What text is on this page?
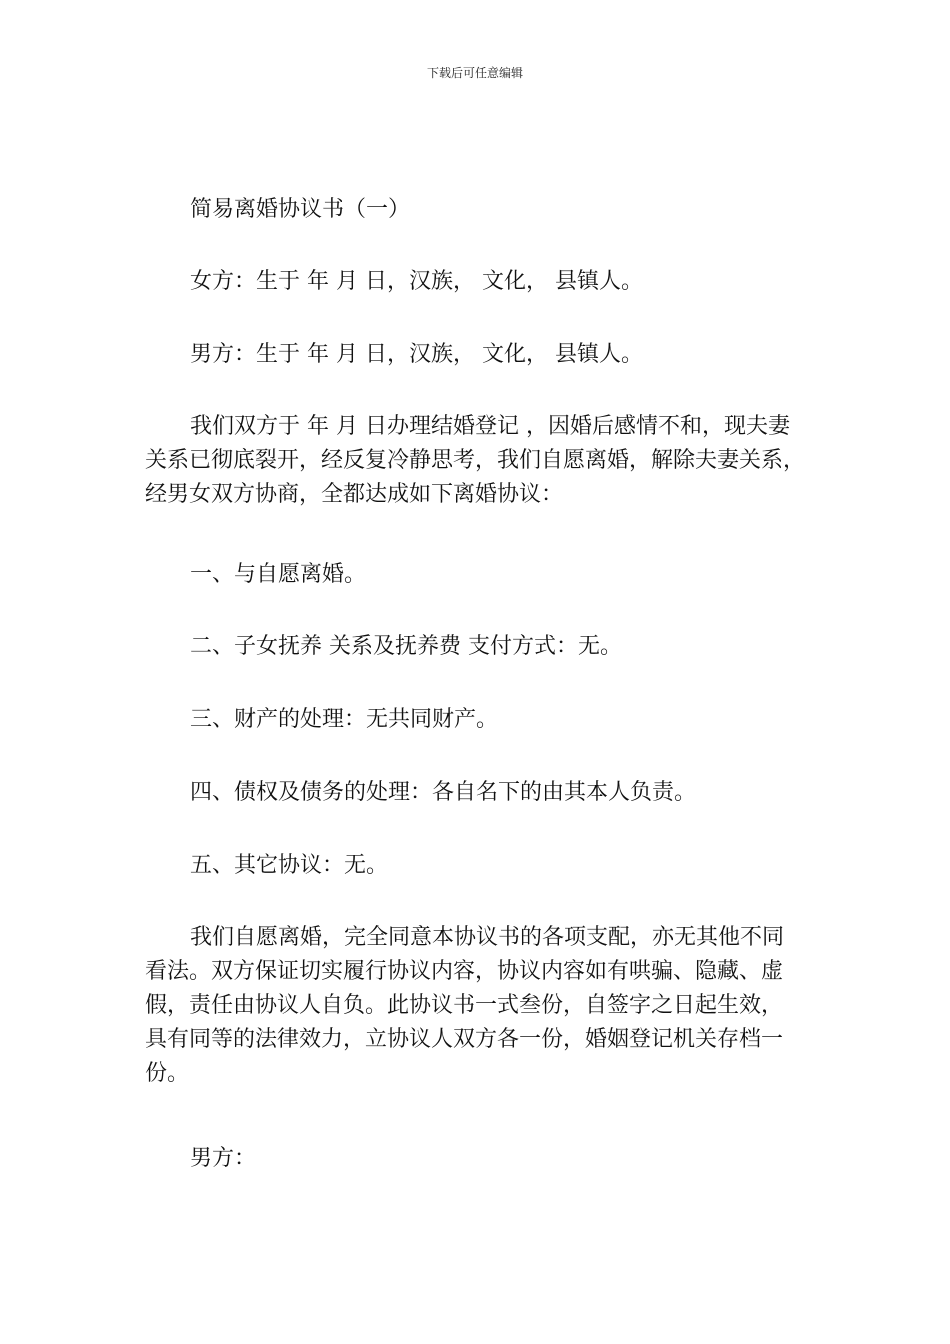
下载后可任意编辑

简易离婚协议书（一）

女方：生于 年 月 日，汉族， 文化， 县镇人。

男方：生于 年 月 日，汉族， 文化， 县镇人。

我们双方于 年 月 日办理结婚登记 ，因婚后感情不和，现夫妻
关系已彻底裂开，经反复冷静思考，我们自愿离婚，解除夫妻关系，
经男女双方协商，全都达成如下离婚协议：

一、与自愿离婚。

二、子女抚养 关系及抚养费 支付方式：无。

三、财产的处理：无共同财产。

四、债权及债务的处理：各自名下的由其本人负责。

五、其它协议：无。

我们自愿离婚，完全同意本协议书的各项支配，亦无其他不同
看法。双方保证切实履行协议内容，协议内容如有哄骗、隐藏、虚
假，责任由协议人自负。此协议书一式叁份，自签字之日起生效，
具有同等的法律效力，立协议人双方各一份，婚姻登记机关存档一
份。

男方：
